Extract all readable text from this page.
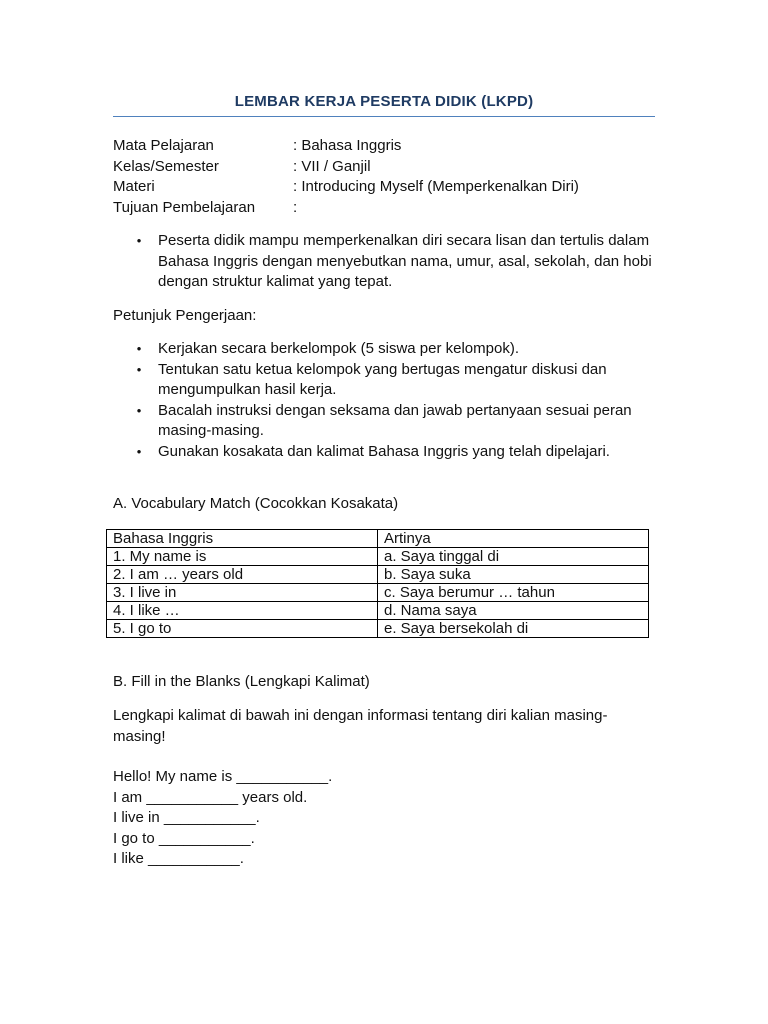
LEMBAR KERJA PESERTA DIDIK (LKPD)
Mata Pelajaran	: Bahasa Inggris
Kelas/Semester	: VII / Ganjil
Materi	: Introducing Myself (Memperkenalkan Diri)
Tujuan Pembelajaran	:
• Peserta didik mampu memperkenalkan diri secara lisan dan tertulis dalam Bahasa Inggris dengan menyebutkan nama, umur, asal, sekolah, dan hobi dengan struktur kalimat yang tepat.
Petunjuk Pengerjaan:
• Kerjakan secara berkelompok (5 siswa per kelompok).
• Tentukan satu ketua kelompok yang bertugas mengatur diskusi dan mengumpulkan hasil kerja.
• Bacalah instruksi dengan seksama dan jawab pertanyaan sesuai peran masing-masing.
• Gunakan kosakata dan kalimat Bahasa Inggris yang telah dipelajari.
A. Vocabulary Match (Cocokkan Kosakata)
Bahasa Inggris	Artinya
1. My name is	a. Saya tinggal di
2. I am … years old	b. Saya suka
3. I live in	c. Saya berumur … tahun
4. I like …	d. Nama saya
5. I go to	e. Saya bersekolah di
B. Fill in the Blanks (Lengkapi Kalimat)
Lengkapi kalimat di bawah ini dengan informasi tentang diri kalian masing-masing!
Hello! My name is ___________.
I am ___________ years old.
I live in ___________.
I go to ___________.
I like ___________.
